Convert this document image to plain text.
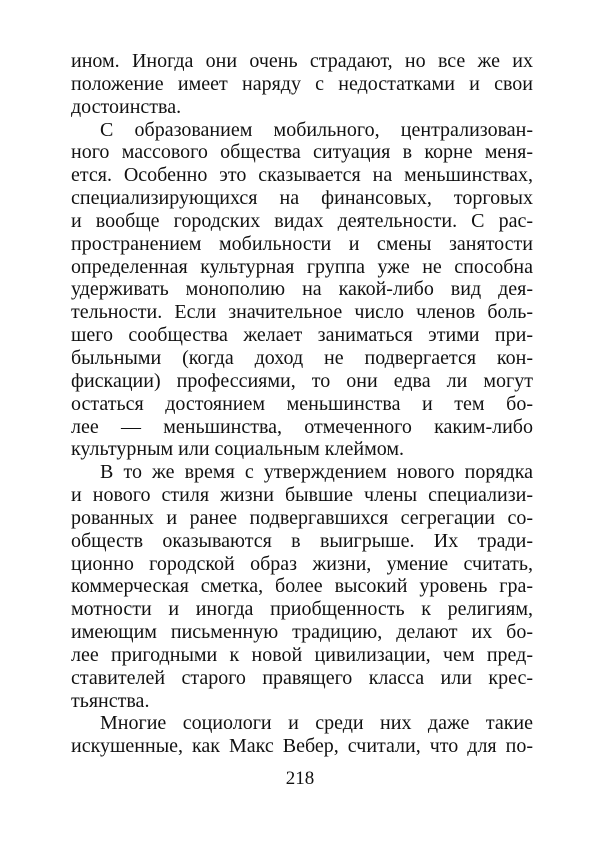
ином. Иногда они очень страдают, но все же их
положение имеет наряду с недостатками и свои
достоинства.
С образованием мобильного, централизован-
ного массового общества ситуация в корне меня-
ется. Особенно это сказывается на меньшинствах,
специализирующихся на финансовых, торговых
и вообще городских видах деятельности. С рас-
пространением мобильности и смены занятости
определенная культурная группа уже не способна
удерживать монополию на какой-либо вид дея-
тельности. Если значительное число членов боль-
шего сообщества желает заниматься этими при-
быльными (когда доход не подвергается кон-
фискации) профессиями, то они едва ли могут
остаться достоянием меньшинства и тем бо-
лее — меньшинства, отмеченного каким-либо
культурным или социальным клеймом.
В то же время с утверждением нового порядка
и нового стиля жизни бывшие члены специализи-
рованных и ранее подвергавшихся сегрегации со-
обществ оказываются в выигрыше. Их тради-
ционно городской образ жизни, умение считать,
коммерческая сметка, более высокий уровень гра-
мотности и иногда приобщенность к религиям,
имеющим письменную традицию, делают их бо-
лее пригодными к новой цивилизации, чем пред-
ставителей старого правящего класса или крес-
тьянства.
Многие социологи и среди них даже такие
искушенные, как Макс Вебер, считали, что для по-
218
